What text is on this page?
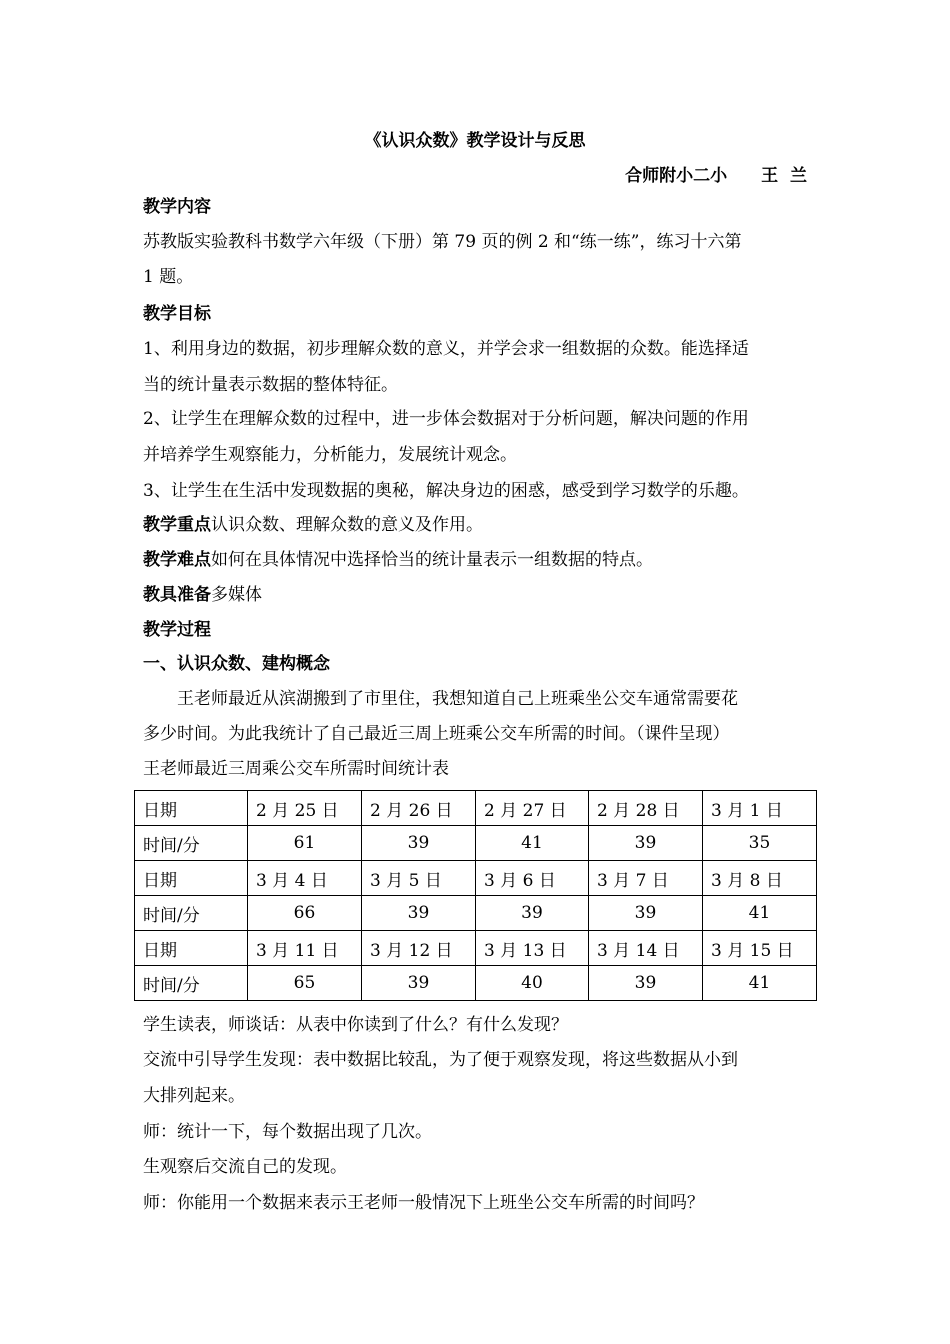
《认识众数》教学设计与反思
合师附小二小　　王  兰
教学内容
苏教版实验教科书数学六年级（下册）第 79 页的例 2 和“练一练”，练习十六第
1 题。
教学目标
1、利用身边的数据，初步理解众数的意义，并学会求一组数据的众数。能选择适
当的统计量表示数据的整体特征。
2、让学生在理解众数的过程中，进一步体会数据对于分析问题，解决问题的作用
并培养学生观察能力，分析能力，发展统计观念。
3、让学生在生活中发现数据的奥秘，解决身边的困惑，感受到学习数学的乐趣。
教学重点认识众数、理解众数的意义及作用。
教学难点如何在具体情况中选择恰当的统计量表示一组数据的特点。
教具准备多媒体
教学过程
一、认识众数、建构概念
王老师最近从滨湖搬到了市里住，我想知道自己上班乘坐公交车通常需要花
多少时间。为此我统计了自己最近三周上班乘公交车所需的时间。（课件呈现）
王老师最近三周乘公交车所需时间统计表
日期	2 月 25 日	2 月 26 日	2 月 27 日	2 月 28 日	3 月 1 日
时间/分	61	39	41	39	35
日期	3 月 4 日	3 月 5 日	3 月 6 日	3 月 7 日	3 月 8 日
时间/分	66	39	39	39	41
日期	3 月 11 日	3 月 12 日	3 月 13 日	3 月 14 日	3 月 15 日
时间/分	65	39	40	39	41
学生读表，师谈话：从表中你读到了什么？有什么发现？
交流中引导学生发现：表中数据比较乱，为了便于观察发现，将这些数据从小到
大排列起来。
师：统计一下，每个数据出现了几次。
生观察后交流自己的发现。
师：你能用一个数据来表示王老师一般情况下上班坐公交车所需的时间吗？
